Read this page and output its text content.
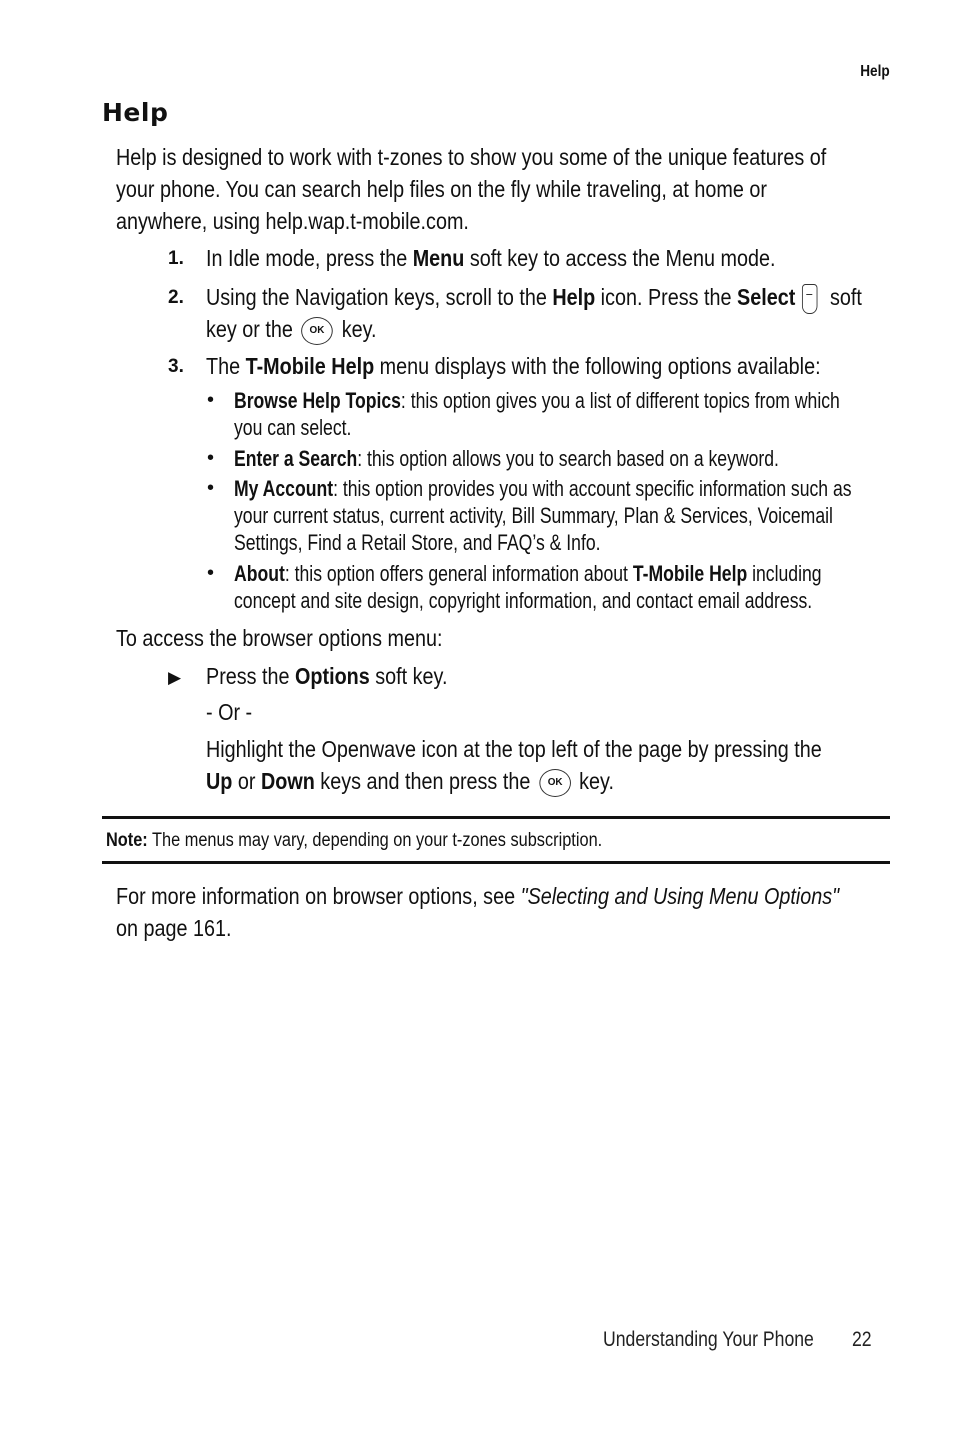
Help
Help
Help is designed to work with t-zones to show you some of the unique features of
your phone. You can search help files on the fly while traveling, at home or
anywhere, using help.wap.t-mobile.com.
1. In Idle mode, press the Menu soft key to access the Menu mode.
2. Using the Navigation keys, scroll to the Help icon. Press the Select soft
key or the OK key.
3. The T-Mobile Help menu displays with the following options available:
• Browse Help Topics: this option gives you a list of different topics from which
you can select.
• Enter a Search: this option allows you to search based on a keyword.
• My Account: this option provides you with account specific information such as
your current status, current activity, Bill Summary, Plan & Services, Voicemail
Settings, Find a Retail Store, and FAQ’s & Info.
• About: this option offers general information about T-Mobile Help including
concept and site design, copyright information, and contact email address.
To access the browser options menu:
▶ Press the Options soft key.
- Or -
Highlight the Openwave icon at the top left of the page by pressing the
Up or Down keys and then press the OK key.
Note: The menus may vary, depending on your t-zones subscription.
For more information on browser options, see "Selecting and Using Menu Options"
on page 161.
Understanding Your Phone 22
